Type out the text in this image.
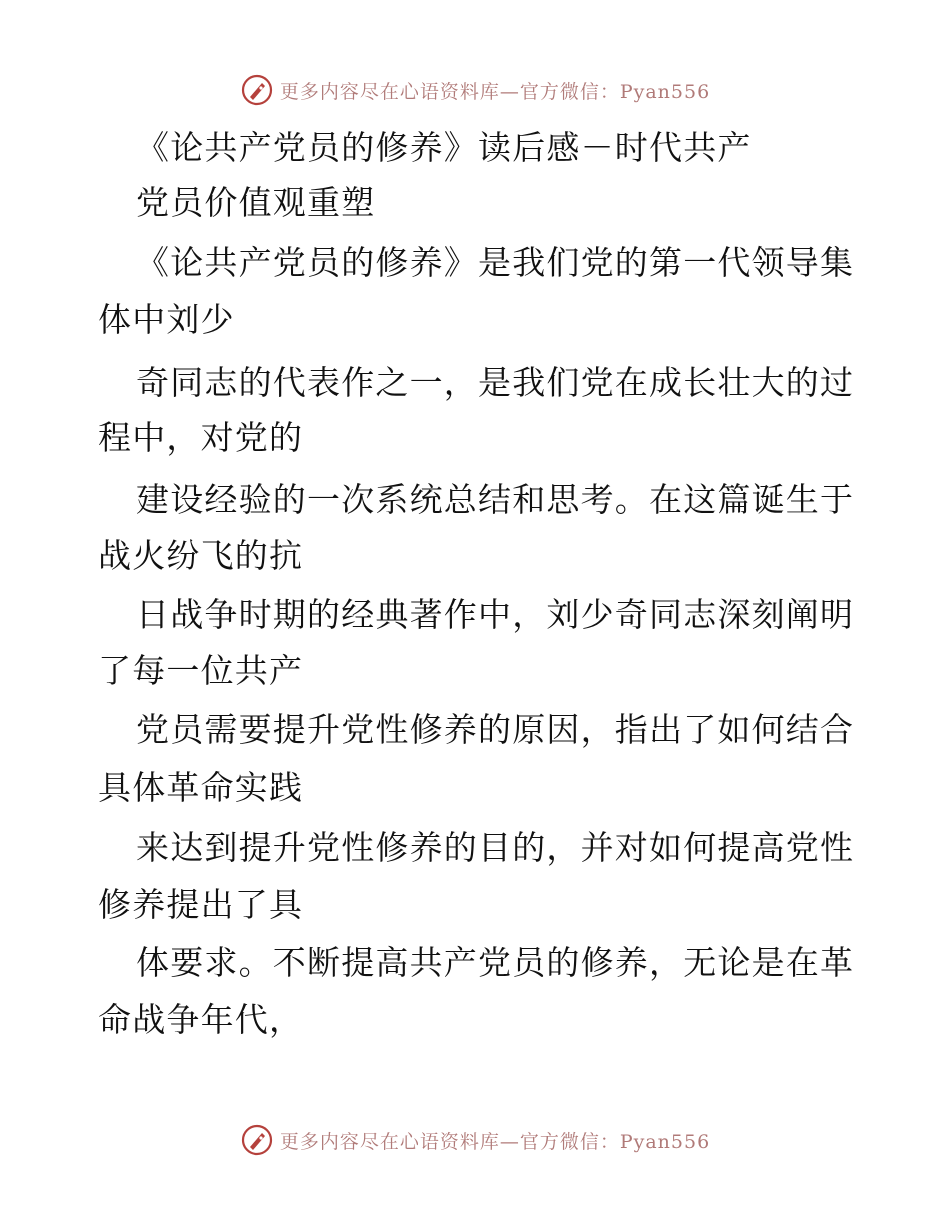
更多内容尽在心语资料库—官方微信：Pyan556
《论共产党员的修养》读后感－时代共产
党员价值观重塑
《论共产党员的修养》是我们党的第一代领导集
体中刘少
奇同志的代表作之一，是我们党在成长壮大的过
程中，对党的
建设经验的一次系统总结和思考。在这篇诞生于
战火纷飞的抗
日战争时期的经典著作中，刘少奇同志深刻阐明
了每一位共产
党员需要提升党性修养的原因，指出了如何结合
具体革命实践
来达到提升党性修养的目的，并对如何提高党性
修养提出了具
体要求。不断提高共产党员的修养，无论是在革
命战争年代，
更多内容尽在心语资料库—官方微信：Pyan556
